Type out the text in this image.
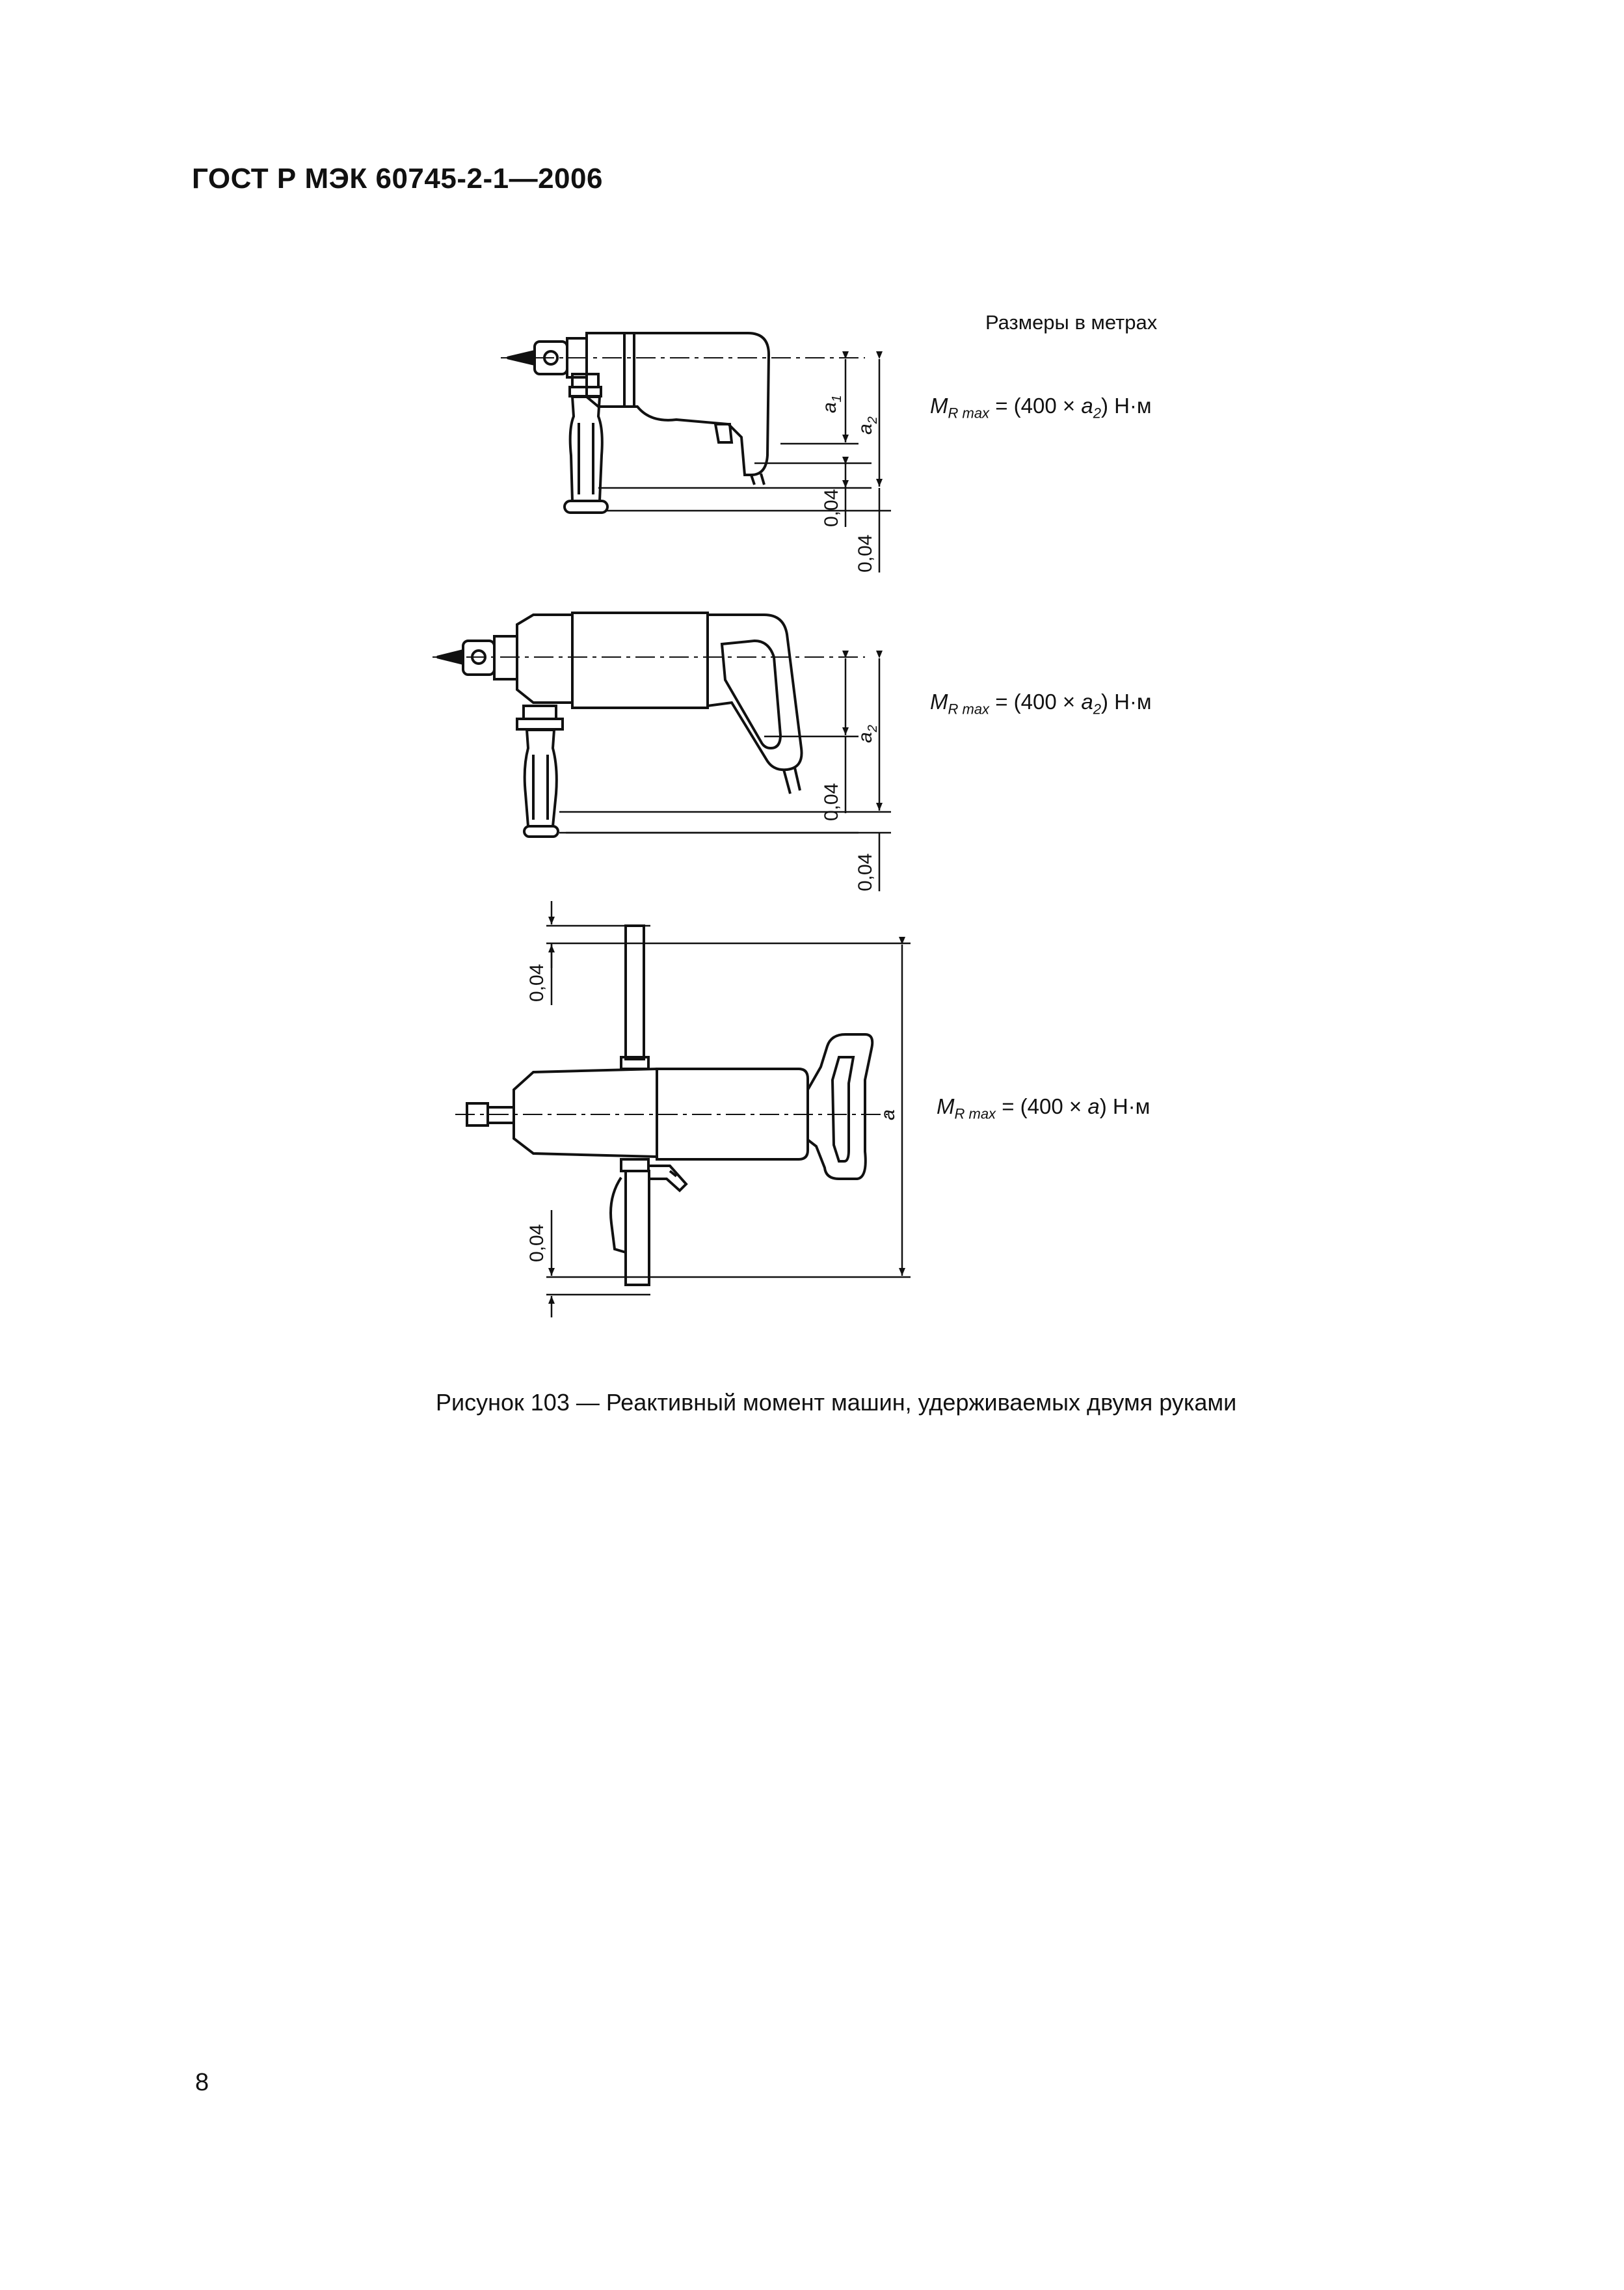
ГОСТ Р МЭК 60745-2-1—2006
Размеры в метрах
$M_{R max} = (400 \times a_2)$ Н·м
$M_{R max} = (400 \times a_2)$ Н·м
$M_{R max} = (400 \times a)$ Н·м
$a_1$
$a_2$
0,04
0,04
$a_2$
0,04
0,04
0,04
0,04
a
Рисунок 103 — Реактивный момент машин, удерживаемых двумя руками
8
